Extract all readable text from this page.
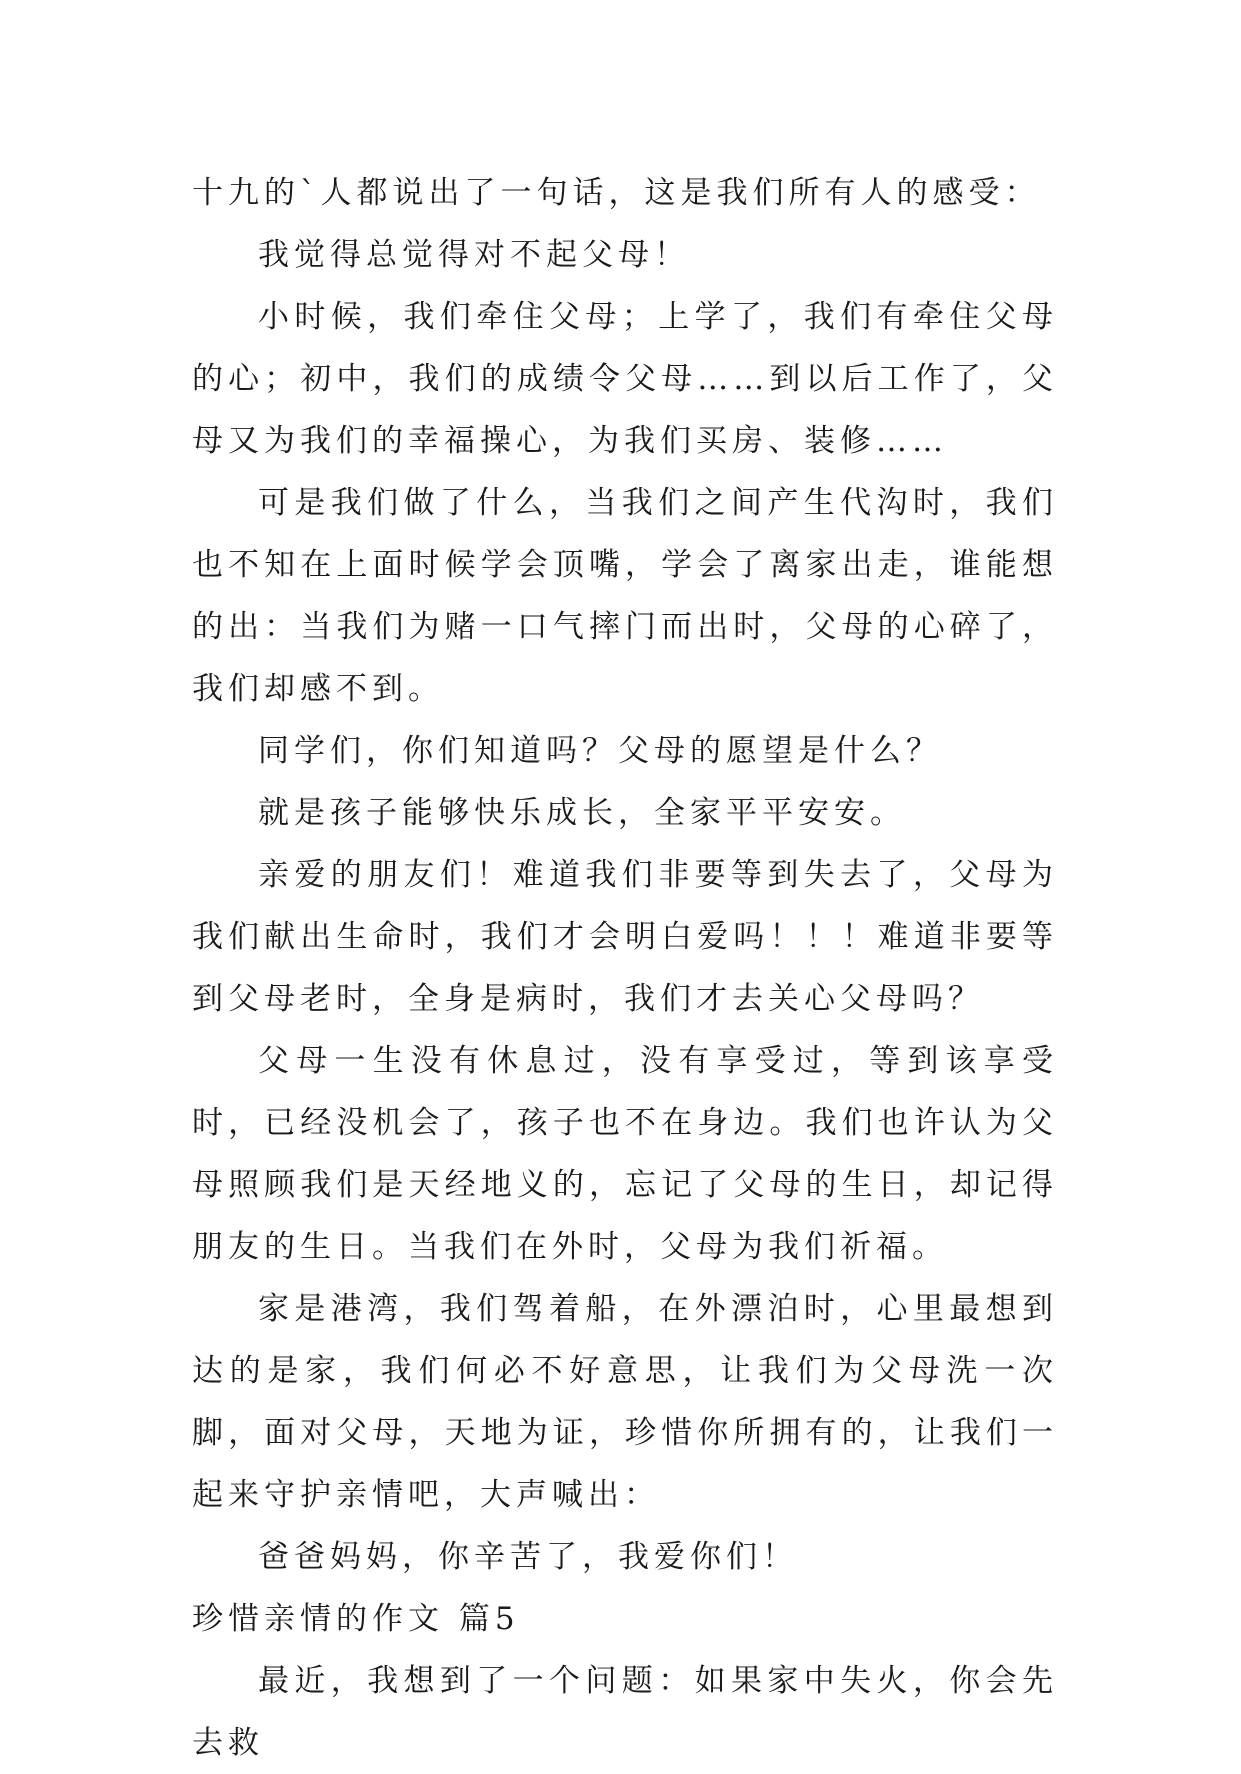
十九的`人都说出了一句话，这是我们所有人的感受：

我觉得总觉得对不起父母！

小时候，我们牵住父母；上学了，我们有牵住父母的心；初中，我们的成绩令父母……到以后工作了，父母又为我们的幸福操心，为我们买房、装修……

可是我们做了什么，当我们之间产生代沟时，我们也不知在上面时候学会顶嘴，学会了离家出走，谁能想的出：当我们为赌一口气摔门而出时，父母的心碎了，我们却感不到。

同学们，你们知道吗？父母的愿望是什么？

就是孩子能够快乐成长，全家平平安安。

亲爱的朋友们！难道我们非要等到失去了，父母为我们献出生命时，我们才会明白爱吗！！！难道非要等到父母老时，全身是病时，我们才去关心父母吗？

父母一生没有休息过，没有享受过，等到该享受时，已经没机会了，孩子也不在身边。我们也许认为父母照顾我们是天经地义的，忘记了父母的生日，却记得朋友的生日。当我们在外时，父母为我们祈福。

家是港湾，我们驾着船，在外漂泊时，心里最想到达的是家，我们何必不好意思，让我们为父母洗一次脚，面对父母，天地为证，珍惜你所拥有的，让我们一起来守护亲情吧，大声喊出：

爸爸妈妈，你辛苦了，我爱你们！

珍惜亲情的作文 篇5

最近，我想到了一个问题：如果家中失火，你会先去救
